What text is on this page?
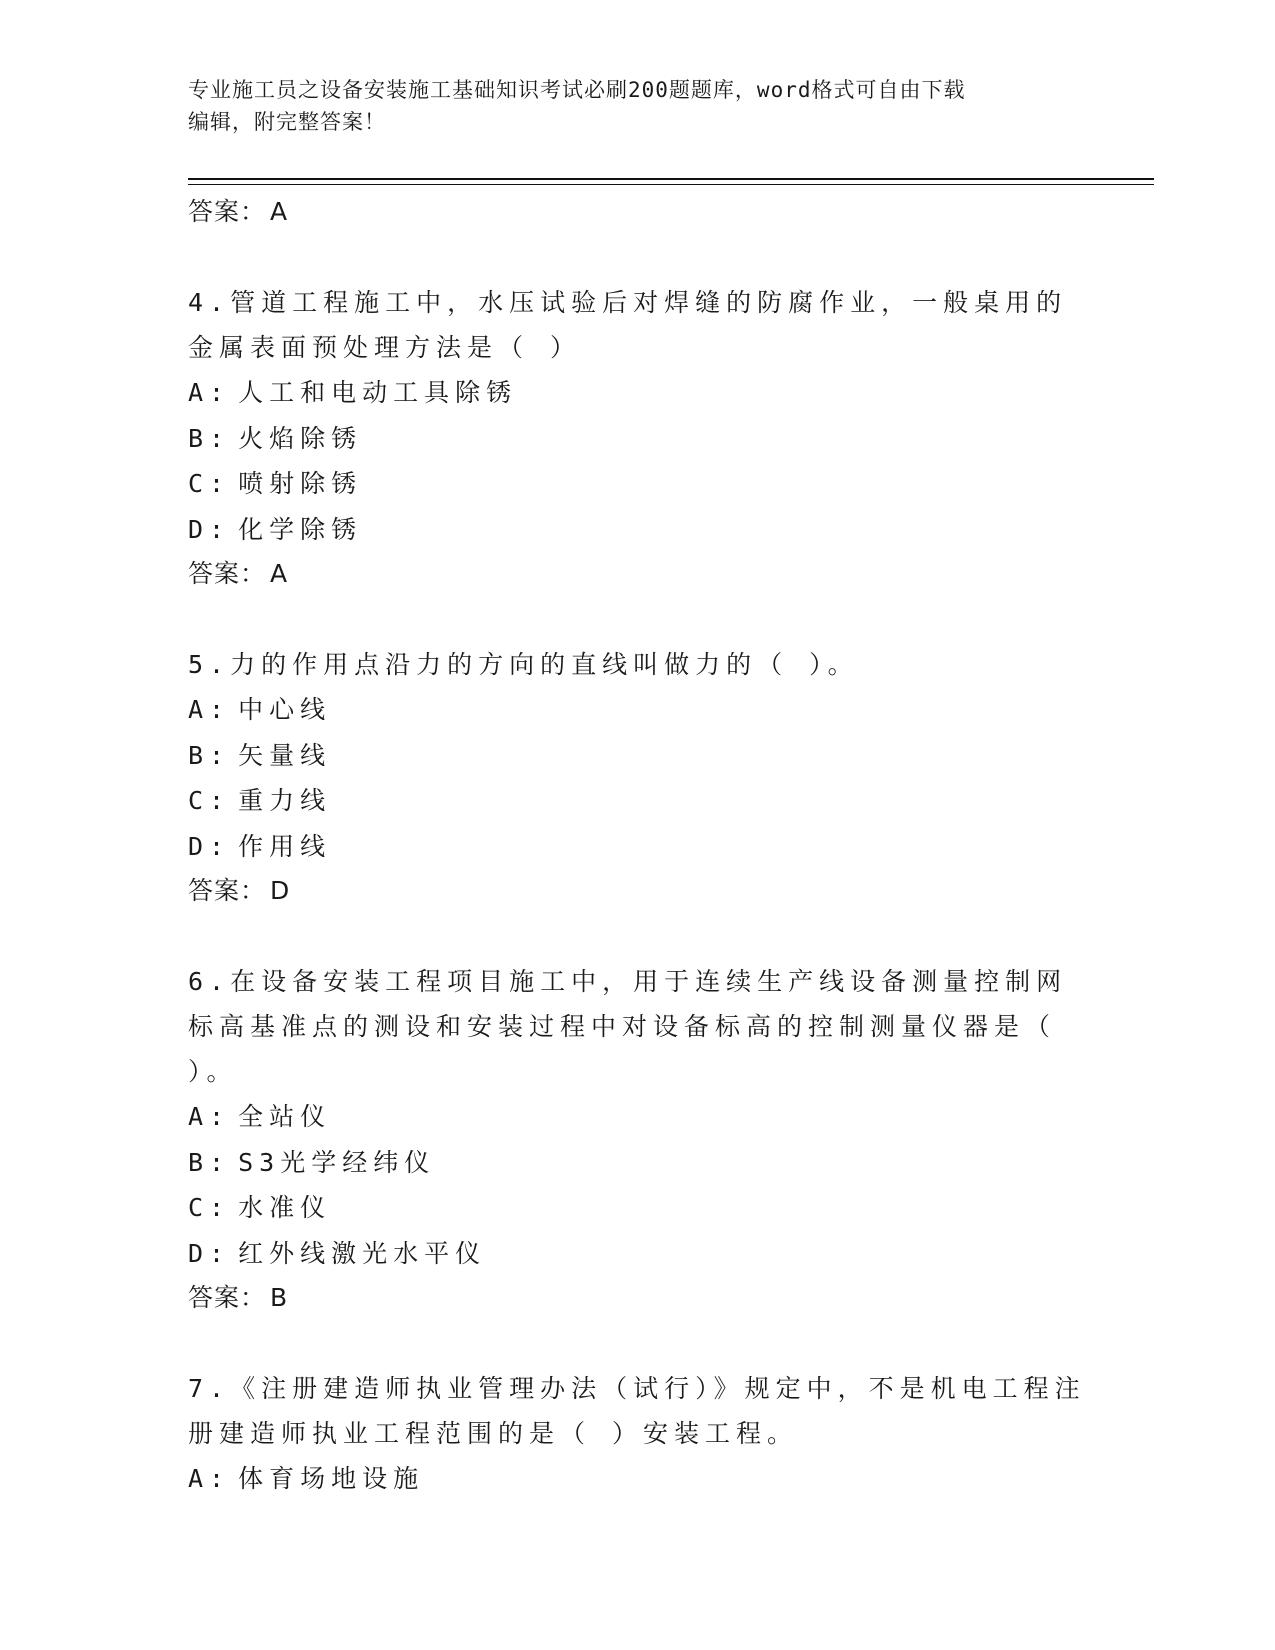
专业施工员之设备安装施工基础知识考试必刷200题题库，word格式可自由下载
编辑，附完整答案！
答案： A
4.管道工程施工中，水压试验后对焊缝的防腐作业，一般桌用的金属表面预处理方法是（ ）
A: 人工和电动工具除锈
B: 火焰除锈
C: 喷射除锈
D: 化学除锈
答案： A
5.力的作用点沿力的方向的直线叫做力的（ ）。
A: 中心线
B: 矢量线
C: 重力线
D: 作用线
答案： D
6.在设备安装工程项目施工中，用于连续生产线设备测量控制网标高基准点的测设和安装过程中对设备标高的控制测量仪器是（ ）。
A: 全站仪
B: S3光学经纬仪
C: 水准仪
D: 红外线激光水平仪
答案： B
7.《注册建造师执业管理办法（试行）》规定中，不是机电工程注册建造师执业工程范围的是（ ）安装工程。
A: 体育场地设施
